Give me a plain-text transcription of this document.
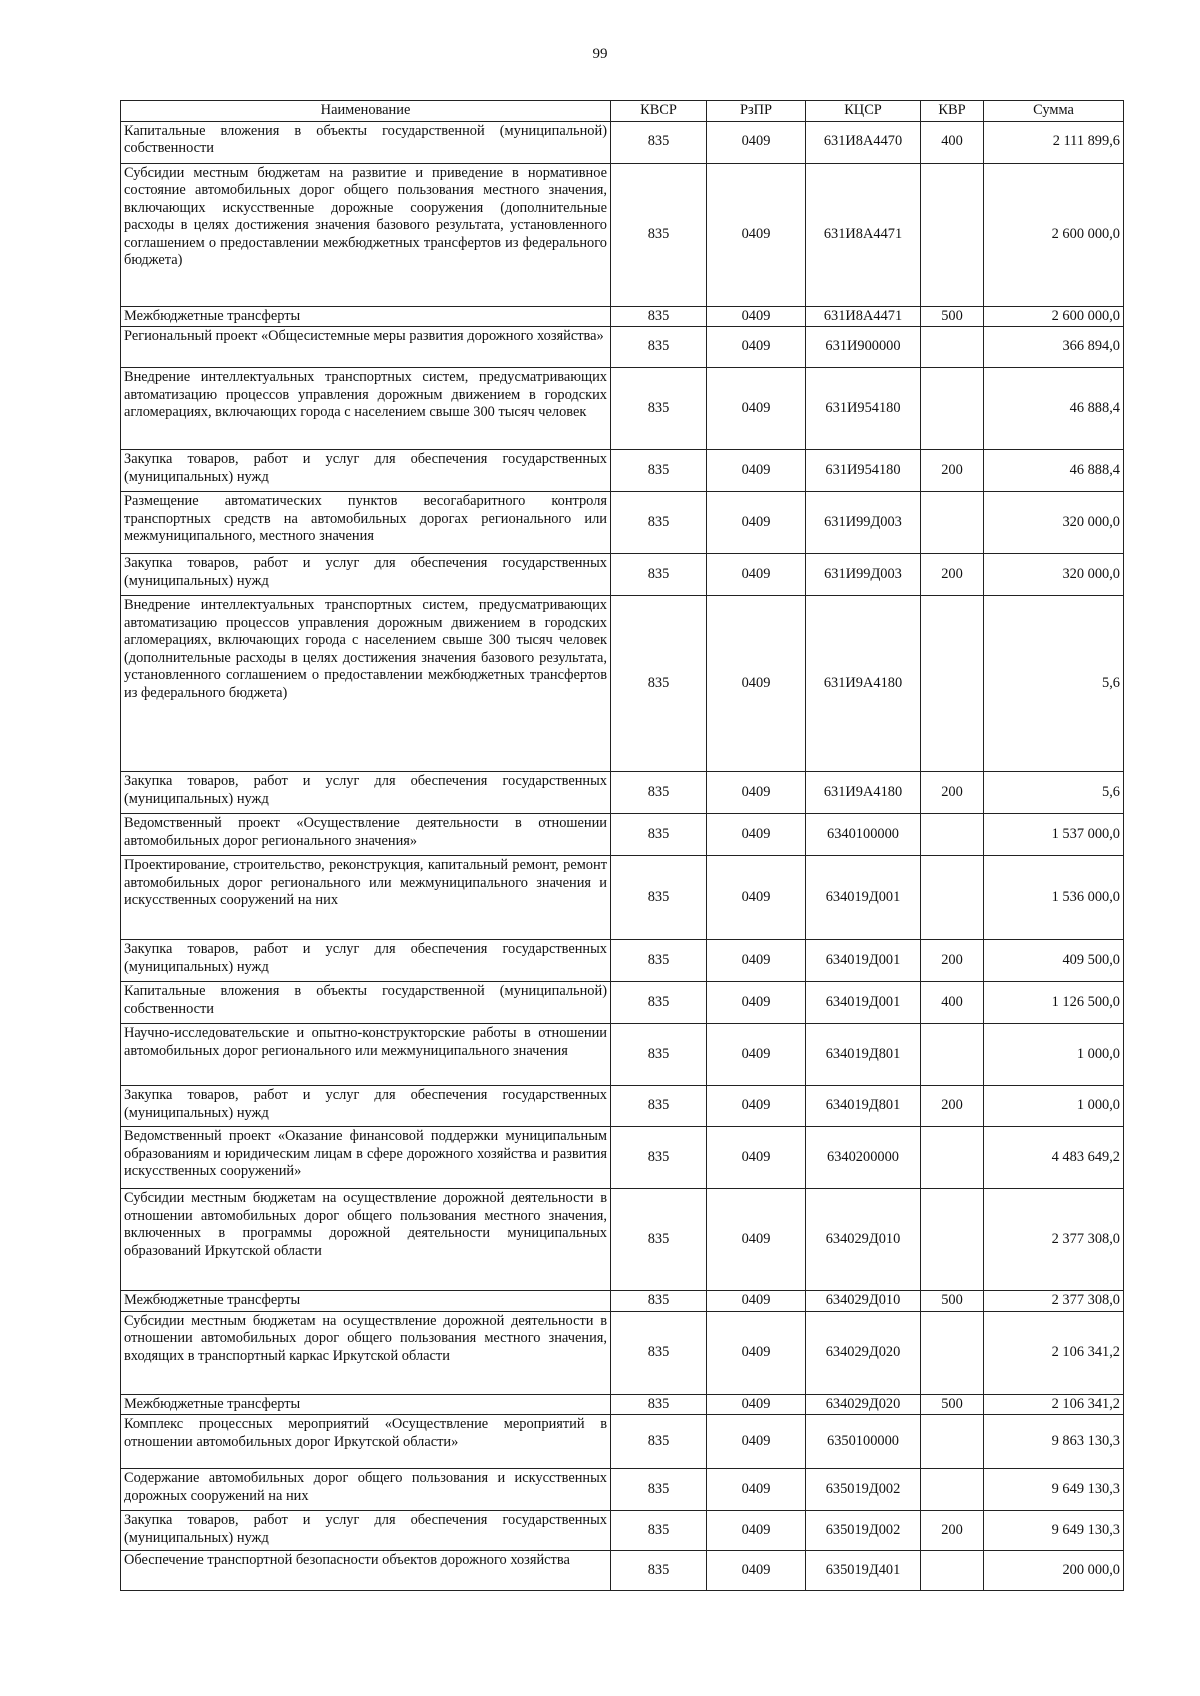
99
Наименование	КВСР	РзПР	КЦСР	КВР	Сумма
Капитальные вложения в объекты государственной (муниципальной) собственности	835	0409	631И8А4470	400	2 111 899,6
Субсидии местным бюджетам на развитие и приведение в нормативное состояние автомобильных дорог общего пользования местного значения, включающих искусственные дорожные сооружения (дополнительные расходы в целях достижения значения базового результата, установленного соглашением о предоставлении межбюджетных трансфертов из федерального бюджета)	835	0409	631И8А4471		2 600 000,0
Межбюджетные трансферты	835	0409	631И8А4471	500	2 600 000,0
Региональный проект «Общесистемные меры развития дорожного хозяйства»	835	0409	631И900000		366 894,0
Внедрение интеллектуальных транспортных систем, предусматривающих автоматизацию процессов управления дорожным движением в городских агломерациях, включающих города с населением свыше 300 тысяч человек	835	0409	631И954180		46 888,4
Закупка товаров, работ и услуг для обеспечения государственных (муниципальных) нужд	835	0409	631И954180	200	46 888,4
Размещение автоматических пунктов весогабаритного контроля транспортных средств на автомобильных дорогах регионального или межмуниципального, местного значения	835	0409	631И99Д003		320 000,0
Закупка товаров, работ и услуг для обеспечения государственных (муниципальных) нужд	835	0409	631И99Д003	200	320 000,0
Внедрение интеллектуальных транспортных систем, предусматривающих автоматизацию процессов управления дорожным движением в городских агломерациях, включающих города с населением свыше 300 тысяч человек (дополнительные расходы в целях достижения значения базового результата, установленного соглашением о предоставлении межбюджетных трансфертов из федерального бюджета)	835	0409	631И9А4180		5,6
Закупка товаров, работ и услуг для обеспечения государственных (муниципальных) нужд	835	0409	631И9А4180	200	5,6
Ведомственный проект «Осуществление деятельности в отношении автомобильных дорог регионального значения»	835	0409	6340100000		1 537 000,0
Проектирование, строительство, реконструкция, капитальный ремонт, ремонт автомобильных дорог регионального или межмуниципального значения и искусственных сооружений на них	835	0409	634019Д001		1 536 000,0
Закупка товаров, работ и услуг для обеспечения государственных (муниципальных) нужд	835	0409	634019Д001	200	409 500,0
Капитальные вложения в объекты государственной (муниципальной) собственности	835	0409	634019Д001	400	1 126 500,0
Научно-исследовательские и опытно-конструкторские работы в отношении автомобильных дорог регионального или межмуниципального значения	835	0409	634019Д801		1 000,0
Закупка товаров, работ и услуг для обеспечения государственных (муниципальных) нужд	835	0409	634019Д801	200	1 000,0
Ведомственный проект «Оказание финансовой поддержки муниципальным образованиям и юридическим лицам в сфере дорожного хозяйства и развития искусственных сооружений»	835	0409	6340200000		4 483 649,2
Субсидии местным бюджетам на осуществление дорожной деятельности в отношении автомобильных дорог общего пользования местного значения, включенных в программы дорожной деятельности муниципальных образований Иркутской области	835	0409	634029Д010		2 377 308,0
Межбюджетные трансферты	835	0409	634029Д010	500	2 377 308,0
Субсидии местным бюджетам на осуществление дорожной деятельности в отношении автомобильных дорог общего пользования местного значения, входящих в транспортный каркас Иркутской области	835	0409	634029Д020		2 106 341,2
Межбюджетные трансферты	835	0409	634029Д020	500	2 106 341,2
Комплекс процессных мероприятий «Осуществление мероприятий в отношении автомобильных дорог Иркутской области»	835	0409	6350100000		9 863 130,3
Содержание автомобильных дорог общего пользования и искусственных дорожных сооружений на них	835	0409	635019Д002		9 649 130,3
Закупка товаров, работ и услуг для обеспечения государственных (муниципальных) нужд	835	0409	635019Д002	200	9 649 130,3
Обеспечение транспортной безопасности объектов дорожного хозяйства	835	0409	635019Д401		200 000,0
